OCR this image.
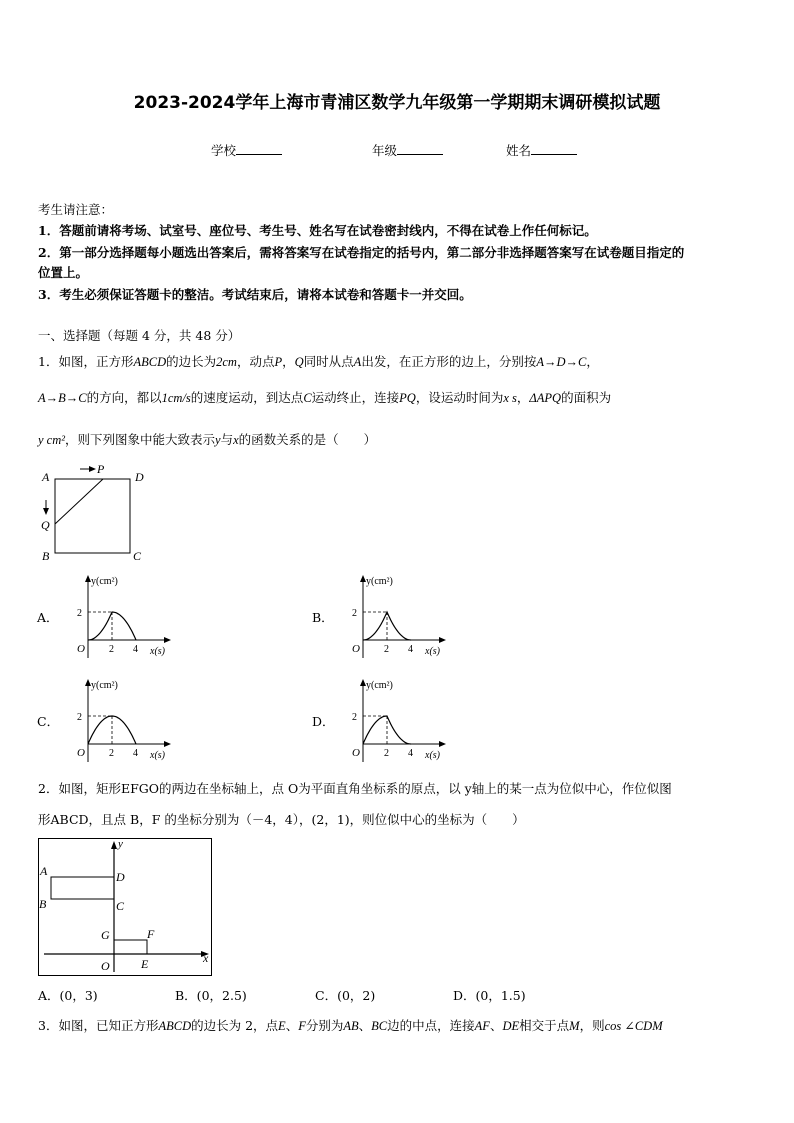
2023-2024学年上海市青浦区数学九年级第一学期期末调研模拟试题
学校	年级	姓名
考生请注意：
1．答题前请将考场、试室号、座位号、考生号、姓名写在试卷密封线内，不得在试卷上作任何标记。
2．第一部分选择题每小题选出答案后，需将答案写在试卷指定的括号内，第二部分非选择题答案写在试卷题目指定的
位置上。
3．考生必须保证答题卡的整洁。考试结束后，请将本试卷和答题卡一并交回。
一、选择题（每题 4 分，共 48 分）
1．如图，正方形ABCD的边长为2cm，动点P，Q同时从点A出发，在正方形的边上，分别按A→D→C，
A→B→C的方向，都以1cm/s的速度运动，到达点C运动终止，连接PQ，设运动时间为x s，ΔAPQ的面积为
y cm²，则下列图象中能大致表示y与x的函数关系的是（　　）
A
P
D
Q
B	C
A．	B．
C．	D．
y(cm²)
2
O 2 4 x(s)
y(cm²)
2
O 2 4 x(s)
y(cm²)
2
O 2 4 x(s)
y(cm²)
2
O 2 4 x(s)
2．如图，矩形EFGO的两边在坐标轴上，点 O为平面直角坐标系的原点，以 y轴上的某一点为位似中心，作位似图
形ABCD，且点 B，F 的坐标分别为（－4，4），(2，1)，则位似中心的坐标为（　　）
y
A
B
D
C
G	F
O	E	x
A．(0，3)	B．(0，2.5)	C．(0，2)	D．(0，1.5)
3．如图，已知正方形ABCD的边长为 2，点E、F分别为AB、BC边的中点，连接AF、DE相交于点M，则cos ∠CDM
